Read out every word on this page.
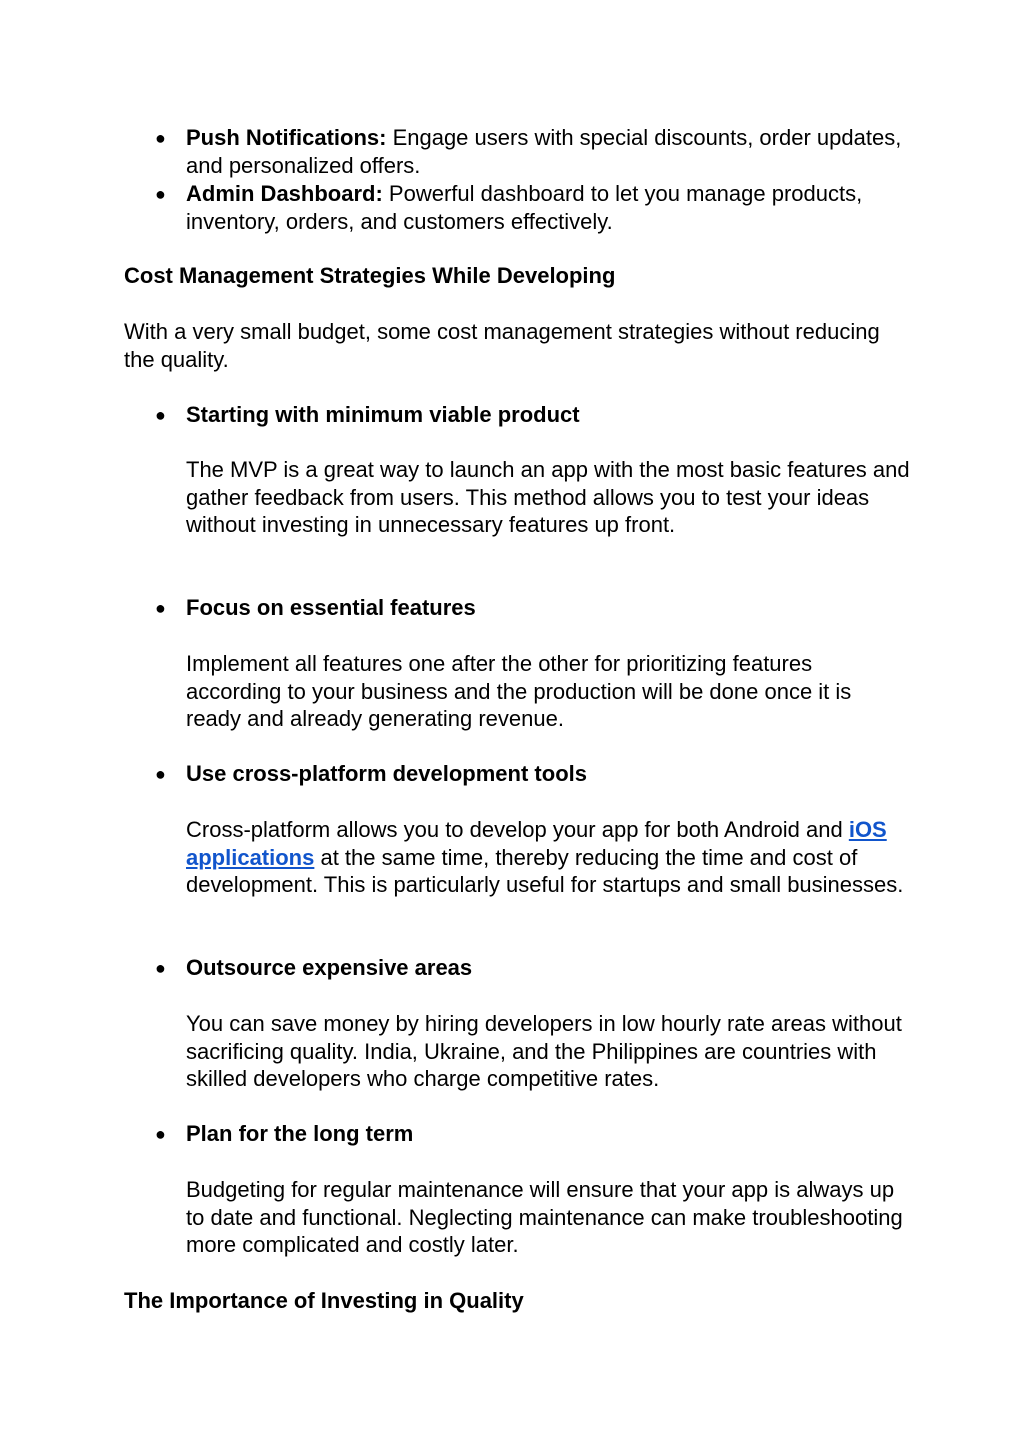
● Push Notifications: Engage users with special discounts, order updates, and personalized offers.

● Admin Dashboard: Powerful dashboard to let you manage products, inventory, orders, and customers effectively.

Cost Management Strategies While Developing

With a very small budget, some cost management strategies without reducing the quality.

● Starting with minimum viable product

The MVP is a great way to launch an app with the most basic features and gather feedback from users. This method allows you to test your ideas without investing in unnecessary features up front.

● Focus on essential features

Implement all features one after the other for prioritizing features according to your business and the production will be done once it is ready and already generating revenue.

● Use cross-platform development tools

Cross-platform allows you to develop your app for both Android and iOS applications at the same time, thereby reducing the time and cost of development. This is particularly useful for startups and small businesses.

● Outsource expensive areas

You can save money by hiring developers in low hourly rate areas without sacrificing quality. India, Ukraine, and the Philippines are countries with skilled developers who charge competitive rates.

● Plan for the long term

Budgeting for regular maintenance will ensure that your app is always up to date and functional. Neglecting maintenance can make troubleshooting more complicated and costly later.

The Importance of Investing in Quality
